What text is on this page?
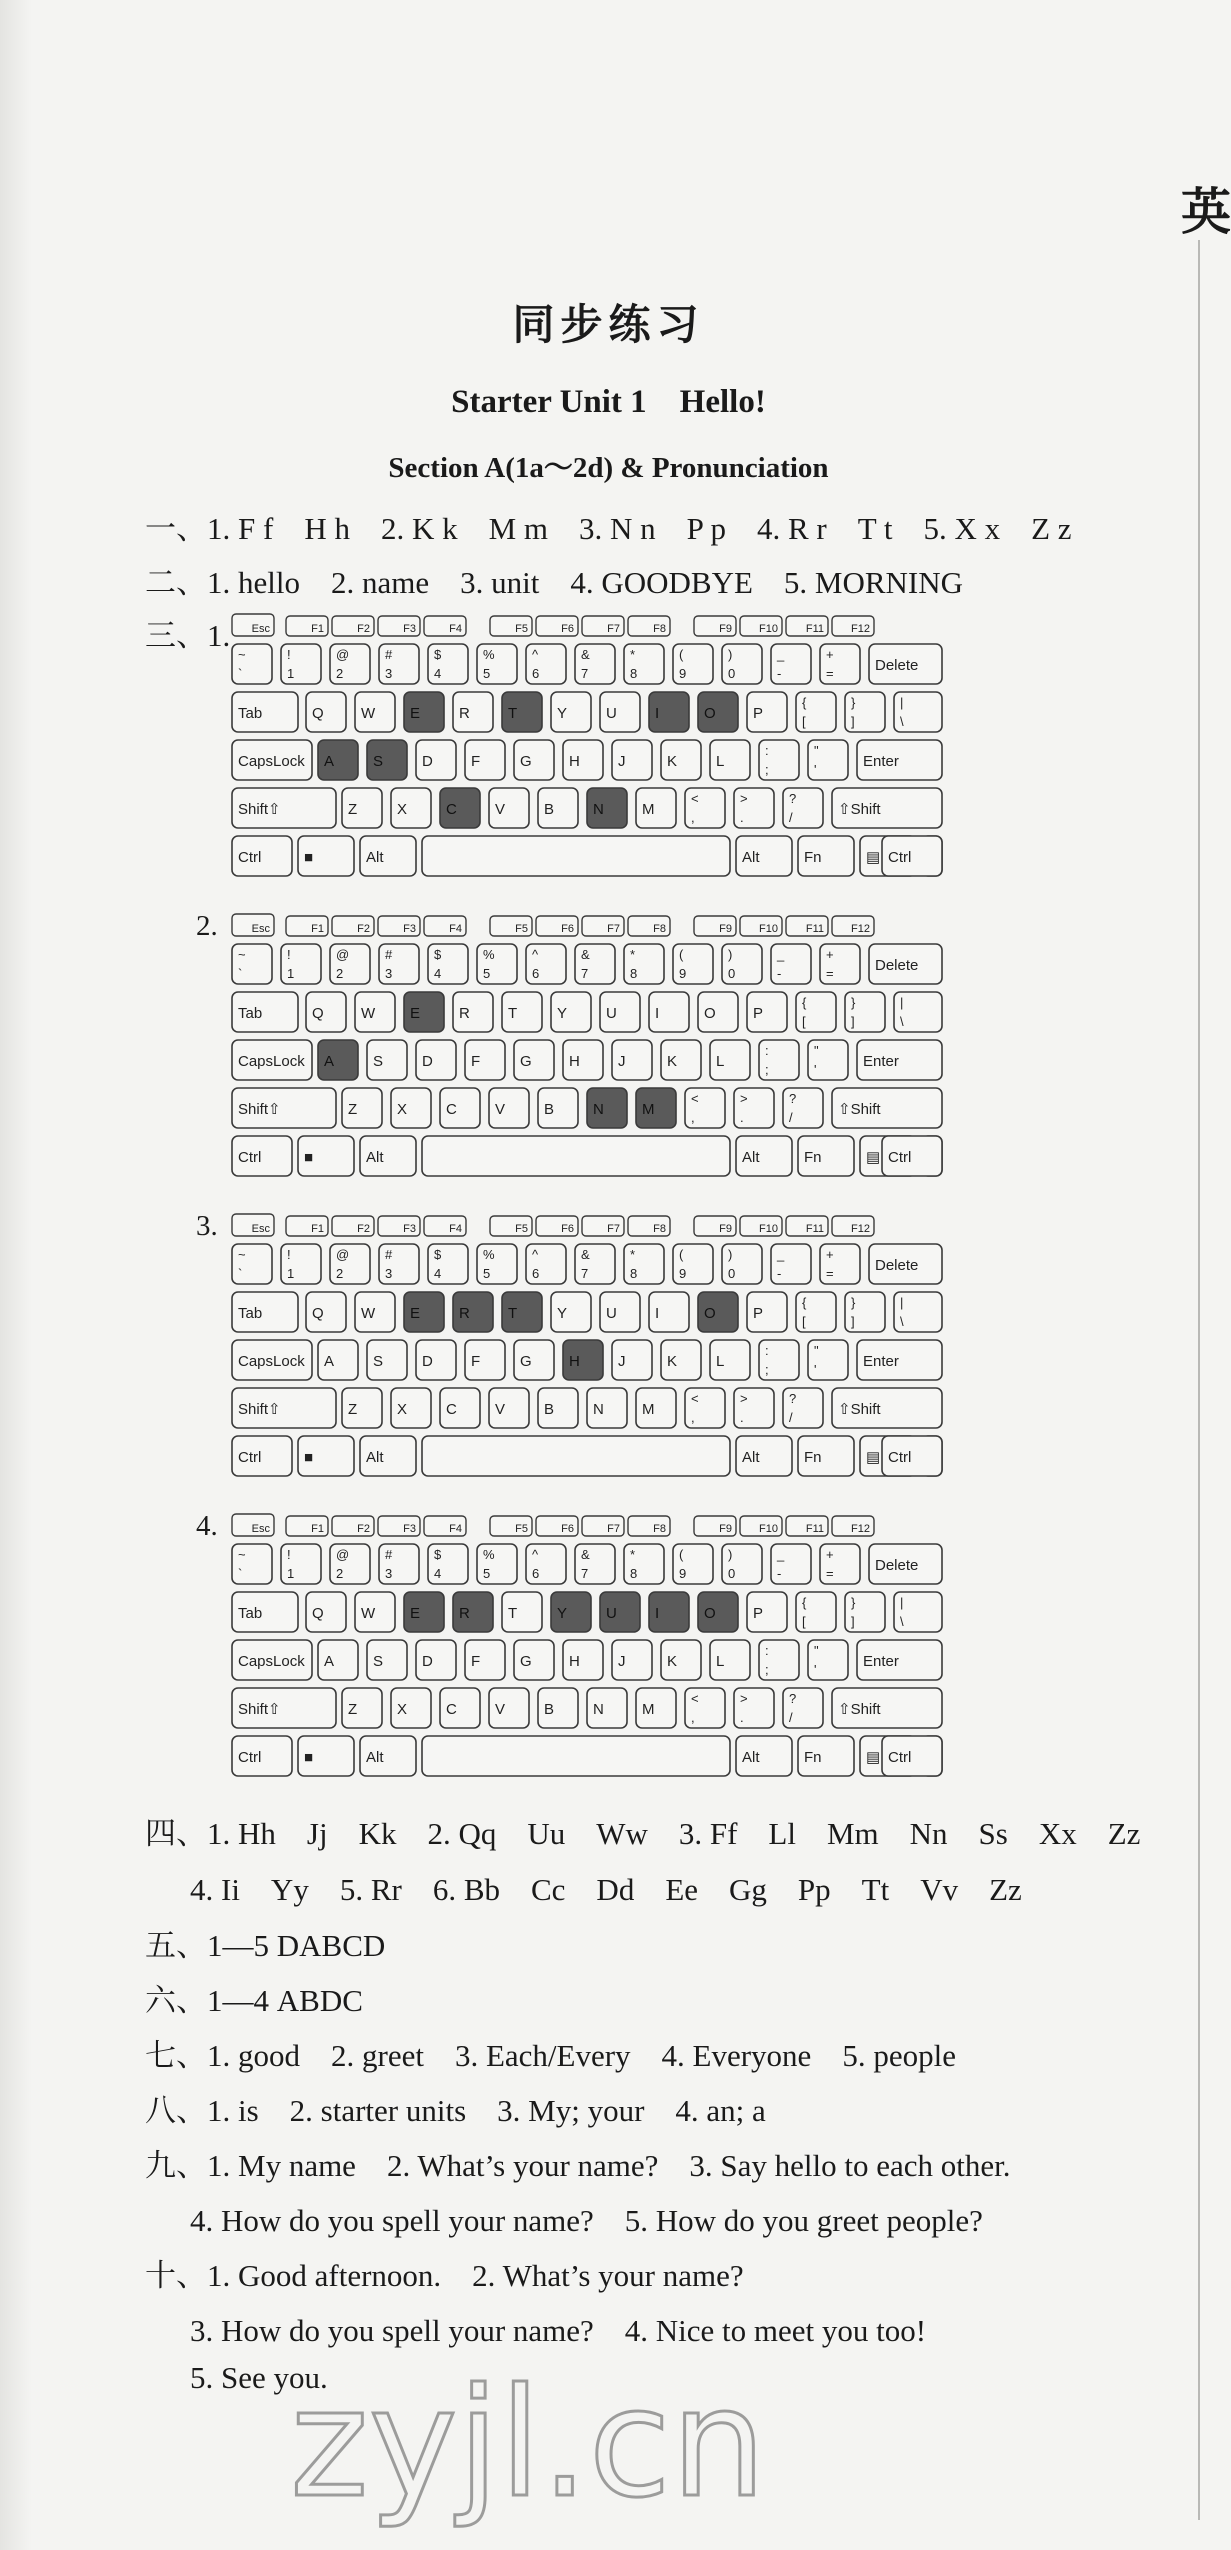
英
同步练习
Starter Unit 1　Hello!
Section A(1a～2d) & Pronunciation
一、1. F f　H h　2. K k　M m　3. N n　P p　4. R r　T t　5. X x　Z z
二、1. hello　2. name　3. unit　4. GOODBYE　5. MORNING
三、1.
2.
3.
4.
Esc	F1	F2	F3	F4	F5	F6	F7	F8	F9 F10	F11 F12
~
`
!
1
@
2
#
3
$
4
%
5
^
6
&
7
*
8
(
9
)
0
_
-
+
=	Delete
Tab	Q W E	R	T	Y	U	I	O P
{
[
}
]
|
\
CapsLock A	S	D	F	G H	J	K	L
:
;
"
'	Enter
Shift⇧	Z	X	C	V	B	N	M
<
,
>
.
?
/	⇧Shift
Ctrl	■	Alt	Alt	Fn	▤ Ctrl
Esc	F1	F2	F3	F4	F5	F6	F7	F8	F9 F10	F11 F12
~
`
!
1
@
2
#
3
$
4
%
5
^
6
&
7
*
8
(
9
)
0
_
-
+
=	Delete
Tab	Q W E	R	T	Y	U	I	O P
{
[
}
]
|
\
CapsLock A	S	D	F	G H	J	K	L
:
;
"
'	Enter
Shift⇧	Z	X	C	V	B	N	M
<
,
>
.
?
/	⇧Shift
Ctrl	■	Alt	Alt	Fn	▤ Ctrl
Esc	F1	F2	F3	F4	F5	F6	F7	F8	F9 F10	F11 F12
~
`
!
1
@
2
#
3
$
4
%
5
^
6
&
7
*
8
(
9
)
0
_
-
+
=	Delete
Tab	Q W E	R	T	Y	U	I	O P
{
[
}
]
|
\
CapsLock A	S	D	F	G H	J	K	L
:
;
"
'	Enter
Shift⇧	Z	X	C	V	B	N	M
<
,
>
.
?
/	⇧Shift
Ctrl	■	Alt	Alt	Fn	▤ Ctrl
Esc	F1	F2	F3	F4	F5	F6	F7	F8	F9 F10	F11 F12
~
`
!
1
@
2
#
3
$
4
%
5
^
6
&
7
*
8
(
9
)
0
_
-
+
=	Delete
Tab	Q W E	R	T	Y	U	I	O P
{
[
}
]
|
\
CapsLock A	S	D	F	G H	J	K	L
:
;
"
'	Enter
Shift⇧	Z	X	C	V	B	N	M
<
,
>
.
?
/	⇧Shift
Ctrl	■	Alt	Alt	Fn	▤ Ctrl
四、1. Hh　Jj　Kk　2. Qq　Uu　Ww　3. Ff　Ll　Mm　Nn　Ss　Xx　Zz
4. Ii　Yy　5. Rr　6. Bb　Cc　Dd　Ee　Gg　Pp　Tt　Vv　Zz
五、1—5 DABCD
六、1—4 ABDC
七、1. good　2. greet　3. Each/Every　4. Everyone　5. people
八、1. is　2. starter units　3. My; your　4. an; a
九、1. My name　2. What’s your name?　3. Say hello to each other.
4. How do you spell your name?　5. How do you greet people?
十、1. Good afternoon.　2. What’s your name?
3. How do you spell your name?　4. Nice to meet you too!
5. See you.
zyjl.cn
